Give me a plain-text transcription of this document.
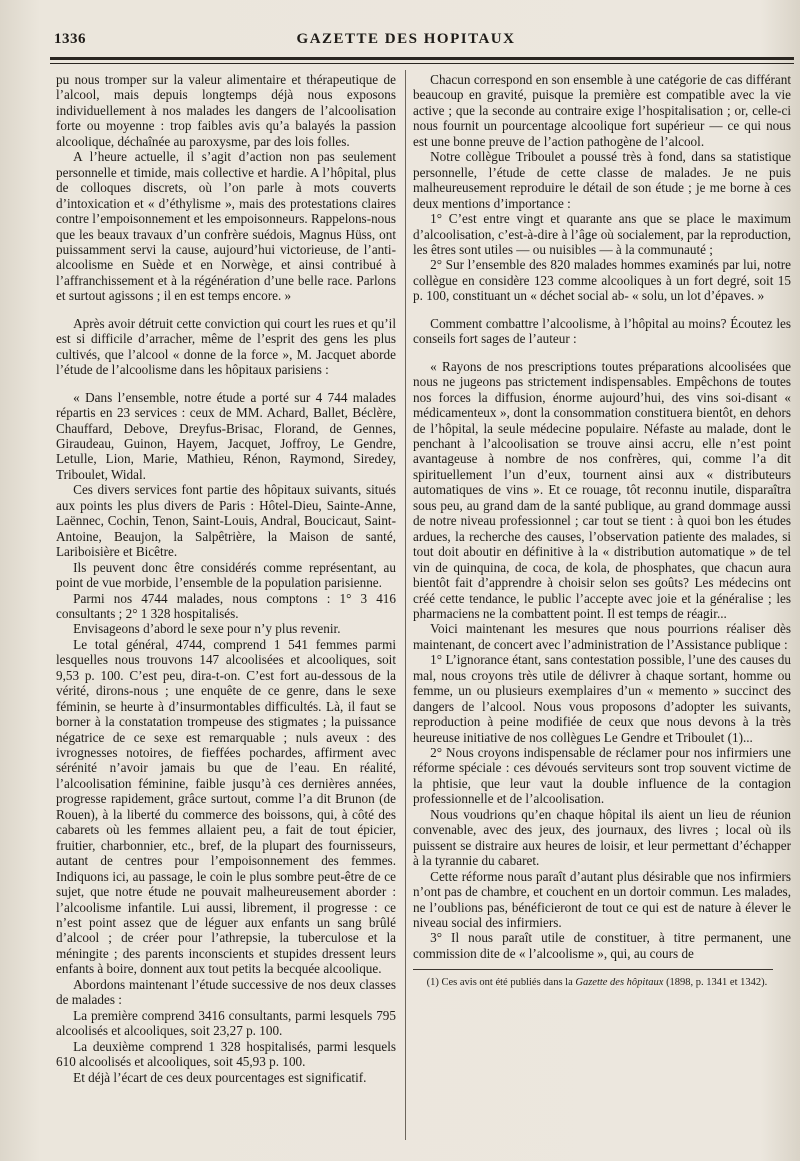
GAZETTE DES HOPITAUX
1336

pu nous tromper sur la valeur alimentaire et thérapeutique de l’alcool, mais depuis longtemps déjà nous exposons individuellement à nos malades les dangers de l’alcoolisation forte ou moyenne : trop faibles avis qu’a balayés la passion alcoolique, déchaînée au paroxysme, par des lois folles.

A l’heure actuelle, il s’agit d’action non pas seulement personnelle et timide, mais collective et hardie. A l’hôpital, plus de colloques discrets, où l’on parle à mots couverts d’intoxication et « d’éthylisme », mais des protestations claires contre l’empoisonnement et les empoisonneurs. Rappelons-nous que les beaux travaux d’un confrère suédois, Magnus Hüss, ont puissamment servi la cause, aujourd’hui victorieuse, de l’anti-alcoolisme en Suède et en Norwège, et ainsi contribué à l’affranchissement et à la régénération d’une belle race. Parlons et surtout agissons ; il en est temps encore. »

Après avoir détruit cette conviction qui court les rues et qu’il est si difficile d’arracher, même de l’esprit des gens les plus cultivés, que l’alcool « donne de la force », M. Jacquet aborde l’étude de l’alcoolisme dans les hôpitaux parisiens :

« Dans l’ensemble, notre étude a porté sur 4 744 malades répartis en 23 services : ceux de MM. Achard, Ballet, Béclère, Chauffard, Debove, Dreyfus-Brisac, Florand, de Gennes, Giraudeau, Guinon, Hayem, Jacquet, Joffroy, Le Gendre, Letulle, Lion, Marie, Mathieu, Rénon, Raymond, Siredey, Triboulet, Widal.

Ces divers services font partie des hôpitaux suivants, situés aux points les plus divers de Paris : Hôtel-Dieu, Sainte-Anne, Laënnec, Cochin, Tenon, Saint-Louis, Andral, Boucicaut, Saint-Antoine, Beaujon, la Salpêtrière, la Maison de santé, Lariboisière et Bicêtre.

Ils peuvent donc être considérés comme représentant, au point de vue morbide, l’ensemble de la population parisienne.

Parmi nos 4744 malades, nous comptons : 1° 3 416 consultants ; 2° 1 328 hospitalisés.

Envisageons d’abord le sexe pour n’y plus revenir.

Le total général, 4744, comprend 1 541 femmes parmi lesquelles nous trouvons 147 alcoolisées et alcooliques, soit 9,53 p. 100. C’est peu, dira-t-on. C’est fort au-dessous de la vérité, dirons-nous ; une enquête de ce genre, dans le sexe féminin, se heurte à d’insurmontables difficultés. Là, il faut se borner à la constatation trompeuse des stigmates ; la puissance négatrice de ce sexe est remarquable ; nuls aveux : des ivrognesses notoires, de fieffées pochardes, affirment avec sérénité n’avoir jamais bu que de l’eau. En réalité, l’alcoolisation féminine, faible jusqu’à ces dernières années, progresse rapidement, grâce surtout, comme l’a dit Brunon (de Rouen), à la liberté du commerce des boissons, qui, à côté des cabarets où les femmes allaient peu, a fait de tout épicier, fruitier, charbonnier, etc., bref, de la plupart des fournisseurs, autant de centres pour l’empoisonnement des femmes. Indiquons ici, au passage, le coin le plus sombre peut-être de ce sujet, que notre étude ne pouvait malheureusement aborder : l’alcoolisme infantile. Lui aussi, librement, il progresse : ce n’est point assez que de léguer aux enfants un sang brûlé d’alcool ; de créer pour l’athrepsie, la tuberculose et la méningite ; des parents inconscients et stupides dressent leurs enfants à boire, donnent aux tout petits la becquée alcoolique.

Abordons maintenant l’étude successive de nos deux classes de malades :

La première comprend 3416 consultants, parmi lesquels 795 alcoolisés et alcooliques, soit 23,27 p. 100.

La deuxième comprend 1 328 hospitalisés, parmi lesquels 610 alcoolisés et alcooliques, soit 45,93 p. 100.

Et déjà l’écart de ces deux pourcentages est significatif.

Chacun correspond en son ensemble à une catégorie de cas différant beaucoup en gravité, puisque la première est compatible avec la vie active ; que la seconde au contraire exige l’hospitalisation ; or, celle-ci nous fournit un pourcentage alcoolique fort supérieur — ce qui nous est une bonne preuve de l’action pathogène de l’alcool.

Notre collègue Triboulet a poussé très à fond, dans sa statistique personnelle, l’étude de cette classe de malades. Je ne puis malheureusement reproduire le détail de son étude ; je me borne à ces deux mentions d’importance :

1° C’est entre vingt et quarante ans que se place le maximum d’alcoolisation, c’est-à-dire à l’âge où socialement, par la reproduction, les êtres sont utiles — ou nuisibles — à la communauté ;

2° Sur l’ensemble des 820 malades hommes examinés par lui, notre collègue en considère 123 comme alcooliques à un fort degré, soit 15 p. 100, constituant un « déchet social ab- « solu, un lot d’épaves. »

Comment combattre l’alcoolisme, à l’hôpital au moins? Écoutez les conseils fort sages de l’auteur :

« Rayons de nos prescriptions toutes préparations alcoolisées que nous ne jugeons pas strictement indispensables. Empêchons de toutes nos forces la diffusion, énorme aujourd’hui, des vins soi-disant « médicamenteux », dont la consommation constituera bientôt, en dehors de l’hôpital, la seule médecine populaire. Néfaste au malade, dont le penchant à l’alcoolisation se trouve ainsi accru, elle n’est point avantageuse à nombre de nos confrères, qui, comme l’a dit spirituellement l’un d’eux, tournent ainsi aux « distributeurs automatiques de vins ». Et ce rouage, tôt reconnu inutile, disparaîtra sous peu, au grand dam de la santé publique, au grand dommage aussi de notre niveau professionnel ; car tout se tient : à quoi bon les études ardues, la recherche des causes, l’observation patiente des malades, si tout doit aboutir en définitive à la « distribution automatique » de tel vin de quinquina, de coca, de kola, de phosphates, que chacun aura bientôt fait d’apprendre à choisir selon ses goûts? Les médecins ont créé cette tendance, le public l’accepte avec joie et la généralise ; les pharmaciens ne la combattent point. Il est temps de réagir...

Voici maintenant les mesures que nous pourrions réaliser dès maintenant, de concert avec l’administration de l’Assistance publique :

1° L’ignorance étant, sans contestation possible, l’une des causes du mal, nous croyons très utile de délivrer à chaque sortant, homme ou femme, un ou plusieurs exemplaires d’un « memento » succinct des dangers de l’alcool. Nous vous proposons d’adopter les suivants, reproduction à peine modifiée de ceux que nous devons à la très heureuse initiative de nos collègues Le Gendre et Triboulet (1)...

2° Nous croyons indispensable de réclamer pour nos infirmiers une réforme spéciale : ces dévoués serviteurs sont trop souvent victime de la phtisie, que leur vaut la double influence de la contagion professionnelle et de l’alcoolisation.

Nous voudrions qu’en chaque hôpital ils aient un lieu de réunion convenable, avec des jeux, des journaux, des livres ; local où ils puissent se distraire aux heures de loisir, et leur permettant d’échapper à la tyrannie du cabaret.

Cette réforme nous paraît d’autant plus désirable que nos infirmiers n’ont pas de chambre, et couchent en un dortoir commun. Les malades, ne l’oublions pas, bénéficieront de tout ce qui est de nature à élever le niveau social des infirmiers.

3° Il nous paraît utile de constituer, à titre permanent, une commission dite de « l’alcoolisme », qui, au cours de

(1) Ces avis ont été publiés dans la Gazette des hôpitaux (1898, p. 1341 et 1342).
